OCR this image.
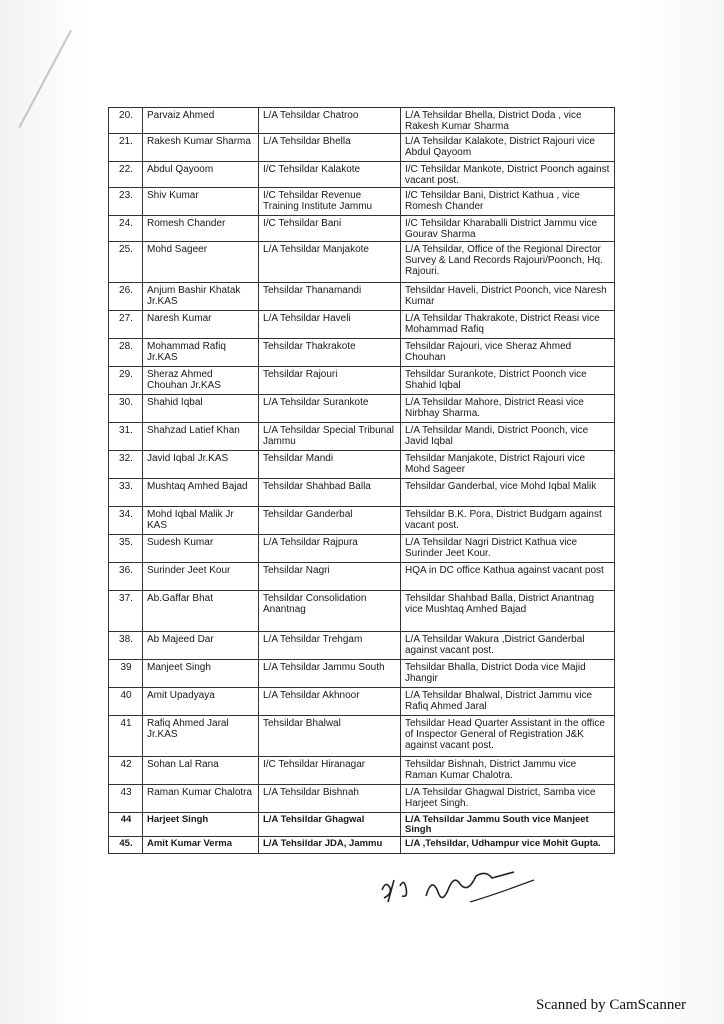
20.	Parvaiz Ahmed	L/A Tehsildar Chatroo	L/A Tehsildar Bhella, District Doda , vice Rakesh Kumar Sharma
21.	Rakesh Kumar Sharma	L/A Tehsildar Bhella	L/A Tehsildar Kalakote, District Rajouri vice Abdul Qayoom
22.	Abdul Qayoom	I/C Tehsildar Kalakote	I/C Tehsildar Mankote, District Poonch against vacant post.
23.	Shiv Kumar	I/C Tehsildar Revenue Training Institute Jammu	I/C Tehsildar Bani, District Kathua , vice Romesh Chander
24.	Romesh Chander	I/C Tehsildar Bani	I/C Tehsildar Kharaballi District Jammu vice Gourav Sharma
25.	Mohd Sageer	L/A Tehsildar Manjakote	L/A Tehsildar, Office of the Regional Director Survey & Land Records Rajouri/Poonch, Hq. Rajouri.
26.	Anjum Bashir Khatak Jr.KAS	Tehsildar Thanamandi	Tehsildar Haveli, District Poonch, vice Naresh Kumar
27.	Naresh Kumar	L/A Tehsildar Haveli	L/A Tehsildar Thakrakote, District Reasi vice Mohammad Rafiq
28.	Mohammad Rafiq Jr.KAS	Tehsildar Thakrakote	Tehsildar Rajouri, vice Sheraz Ahmed Chouhan
29.	Sheraz Ahmed Chouhan Jr.KAS	Tehsildar Rajouri	Tehsildar Surankote, District Poonch vice Shahid Iqbal
30.	Shahid Iqbal	L/A Tehsildar Surankote	L/A Tehsildar Mahore, District Reasi vice Nirbhay Sharma.
31.	Shahzad Latief Khan	L/A Tehsildar Special Tribunal Jammu	L/A Tehsildar Mandi, District Poonch, vice Javid Iqbal
32.	Javid Iqbal Jr.KAS	Tehsildar Mandi	Tehsildar Manjakote, District Rajouri vice Mohd Sageer
33.	Mushtaq Amhed Bajad	Tehsildar Shahbad Balla	Tehsildar Ganderbal, vice Mohd Iqbal Malik
34.	Mohd Iqbal Malik Jr KAS	Tehsildar Ganderbal	Tehsildar B.K. Pora, District Budgam against vacant post.
35.	Sudesh Kumar	L/A Tehsildar Rajpura	L/A Tehsildar Nagri District Kathua vice Surinder Jeet Kour.
36.	Surinder Jeet Kour	Tehsildar Nagri	HQA in DC office Kathua against vacant post
37.	Ab.Gaffar Bhat	Tehsildar Consolidation Anantnag	Tehsildar Shahbad Balla, District Anantnag vice Mushtaq Amhed Bajad
38.	Ab Majeed Dar	L/A Tehsildar Trehgam	L/A Tehsildar Wakura ,District Ganderbal against vacant post.
39	Manjeet Singh	L/A Tehsildar Jammu South	Tehsildar Bhalla, District Doda vice Majid Jhangir
40	Amit Upadyaya	L/A Tehsildar Akhnoor	L/A Tehsildar Bhalwal, District Jammu vice Rafiq Ahmed Jaral
41	Rafiq Ahmed Jaral Jr.KAS	Tehsildar Bhalwal	Tehsildar Head Quarter Assistant in the office of Inspector General of Registration J&K against vacant post.
42	Sohan Lal Rana	I/C Tehsildar Hiranagar	Tehsildar Bishnah, District Jammu vice Raman Kumar Chalotra.
43	Raman Kumar Chalotra	L/A Tehsildar Bishnah	L/A Tehsildar Ghagwal District, Samba vice Harjeet Singh.
44	Harjeet Singh	L/A Tehsildar Ghagwal	L/A Tehsildar Jammu South vice Manjeet Singh
45.	Amit Kumar Verma	L/A Tehsildar JDA, Jammu	L/A ,Tehsildar, Udhampur vice Mohit Gupta.
Scanned by CamScanner
